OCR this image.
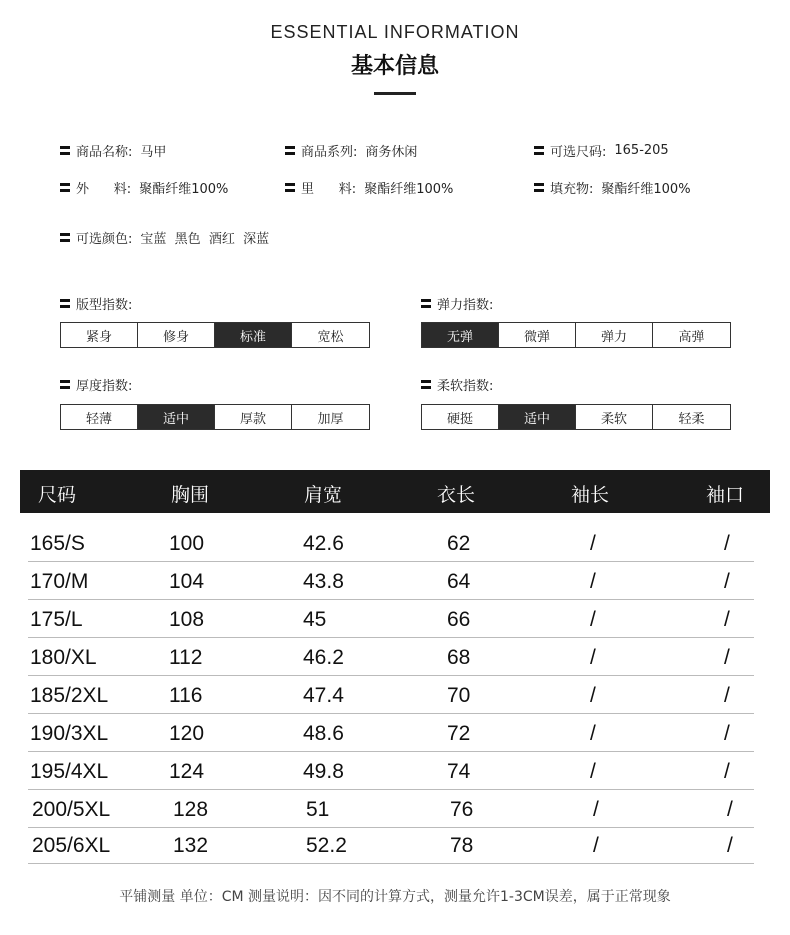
ESSENTIAL INFORMATION
基本信息
商品名称: 马甲	商品系列: 商务休闲	可选尺码: 165-205
外      料: 聚酯纤维100%	里      料: 聚酯纤维100%	填充物: 聚酯纤维100%
可选颜色: 宝蓝  黑色  酒红  深蓝
版型指数:
紧身	修身	标准	宽松
弹力指数:
无弹	微弹	弹力	高弹
厚度指数:
轻薄	适中	厚款	加厚
柔软指数:
硬挺	适中	柔软	轻柔
尺码	胸围	肩宽	衣长	袖长	袖口
165/S	100	42.6	62	/	/
170/M	104	43.8	64	/	/
175/L	108	45	66	/	/
180/XL	112	46.2	68	/	/
185/2XL	116	47.4	70	/	/
190/3XL	120	48.6	72	/	/
195/4XL	124	49.8	74	/	/
200/5XL	128	51	76	/	/
205/6XL	132	52.2	78	/	/
平铺测量 单位：CM 测量说明：因不同的计算方式，测量允许1-3CM误差，属于正常现象
